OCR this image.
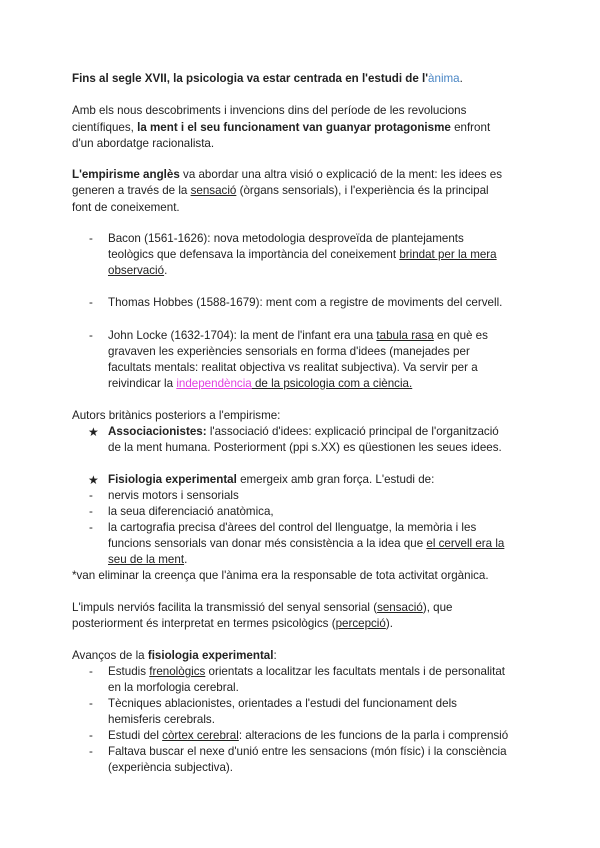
Fins al segle XVII, la psicologia va estar centrada en l'estudi de l'ànima.
Amb els nous descobriments i invencions dins del període de les revolucions
científiques, la ment i el seu funcionament van guanyar protagonisme enfront
d'un abordatge racionalista.
L'empirisme anglès va abordar una altra visió o explicació de la ment: les idees es
generen a través de la sensació (òrgans sensorials), i l'experiència és la principal
font de coneixement.
- Bacon (1561-1626): nova metodologia desproveïda de plantejaments
teològics que defensava la importància del coneixement brindat per la mera
observació.
- Thomas Hobbes (1588-1679): ment com a registre de moviments del cervell.
- John Locke (1632-1704): la ment de l'infant era una tabula rasa en què es
gravaven les experiències sensorials en forma d'idees (manejades per
facultats mentals: realitat objectiva vs realitat subjectiva). Va servir per a
reivindicar la independència de la psicologia com a ciència.
Autors britànics posteriors a l'empirisme:
★ Associacionistes: l'associació d'idees: explicació principal de l'organització
de la ment humana. Posteriorment (ppi s.XX) es qüestionen les seues idees.
★ Fisiologia experimental emergeix amb gran força. L'estudi de:
- nervis motors i sensorials
- la seua diferenciació anatòmica,
- la cartografia precisa d'àrees del control del llenguatge, la memòria i les
funcions sensorials van donar més consistència a la idea que el cervell era la
seu de la ment.
*van eliminar la creença que l'ànima era la responsable de tota activitat orgànica.
L'impuls nerviós facilita la transmissió del senyal sensorial (sensació), que
posteriorment és interpretat en termes psicològics (percepció).
Avanços de la fisiologia experimental:
- Estudis frenològics orientats a localitzar les facultats mentals i de personalitat
en la morfologia cerebral.
- Tècniques ablacionistes, orientades a l'estudi del funcionament dels
hemisferis cerebrals.
- Estudi del còrtex cerebral: alteracions de les funcions de la parla i comprensió
- Faltava buscar el nexe d'unió entre les sensacions (món físic) i la consciència
(experiència subjectiva).
